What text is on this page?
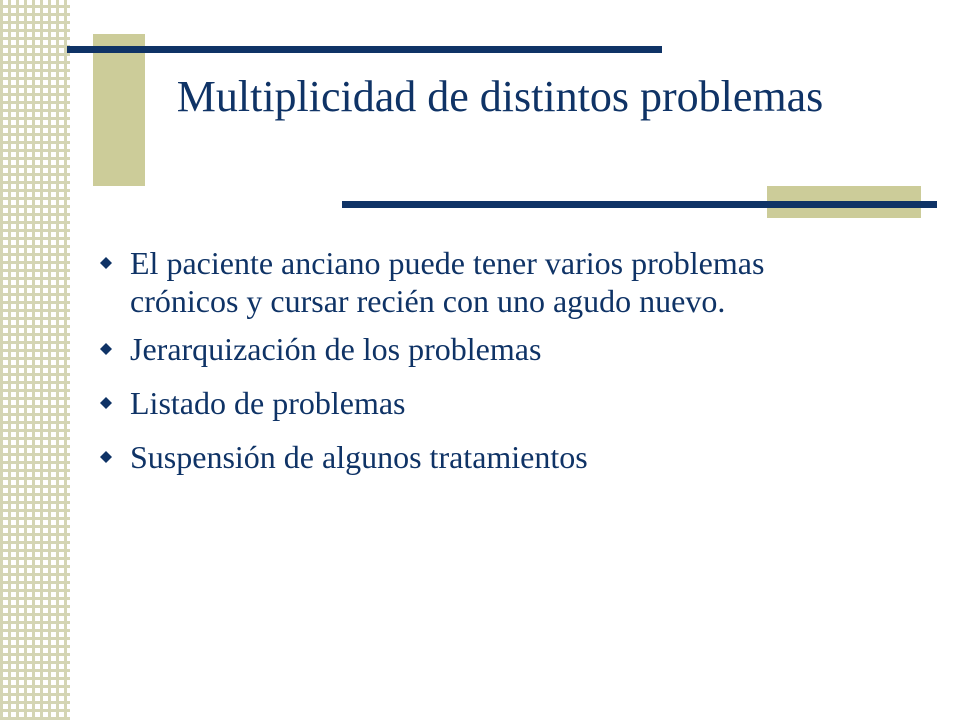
Multiplicidad de distintos problemas
El paciente anciano puede tener varios problemas crónicos y cursar recién con uno agudo nuevo.
Jerarquización de los problemas
Listado de problemas
Suspensión de algunos tratamientos
